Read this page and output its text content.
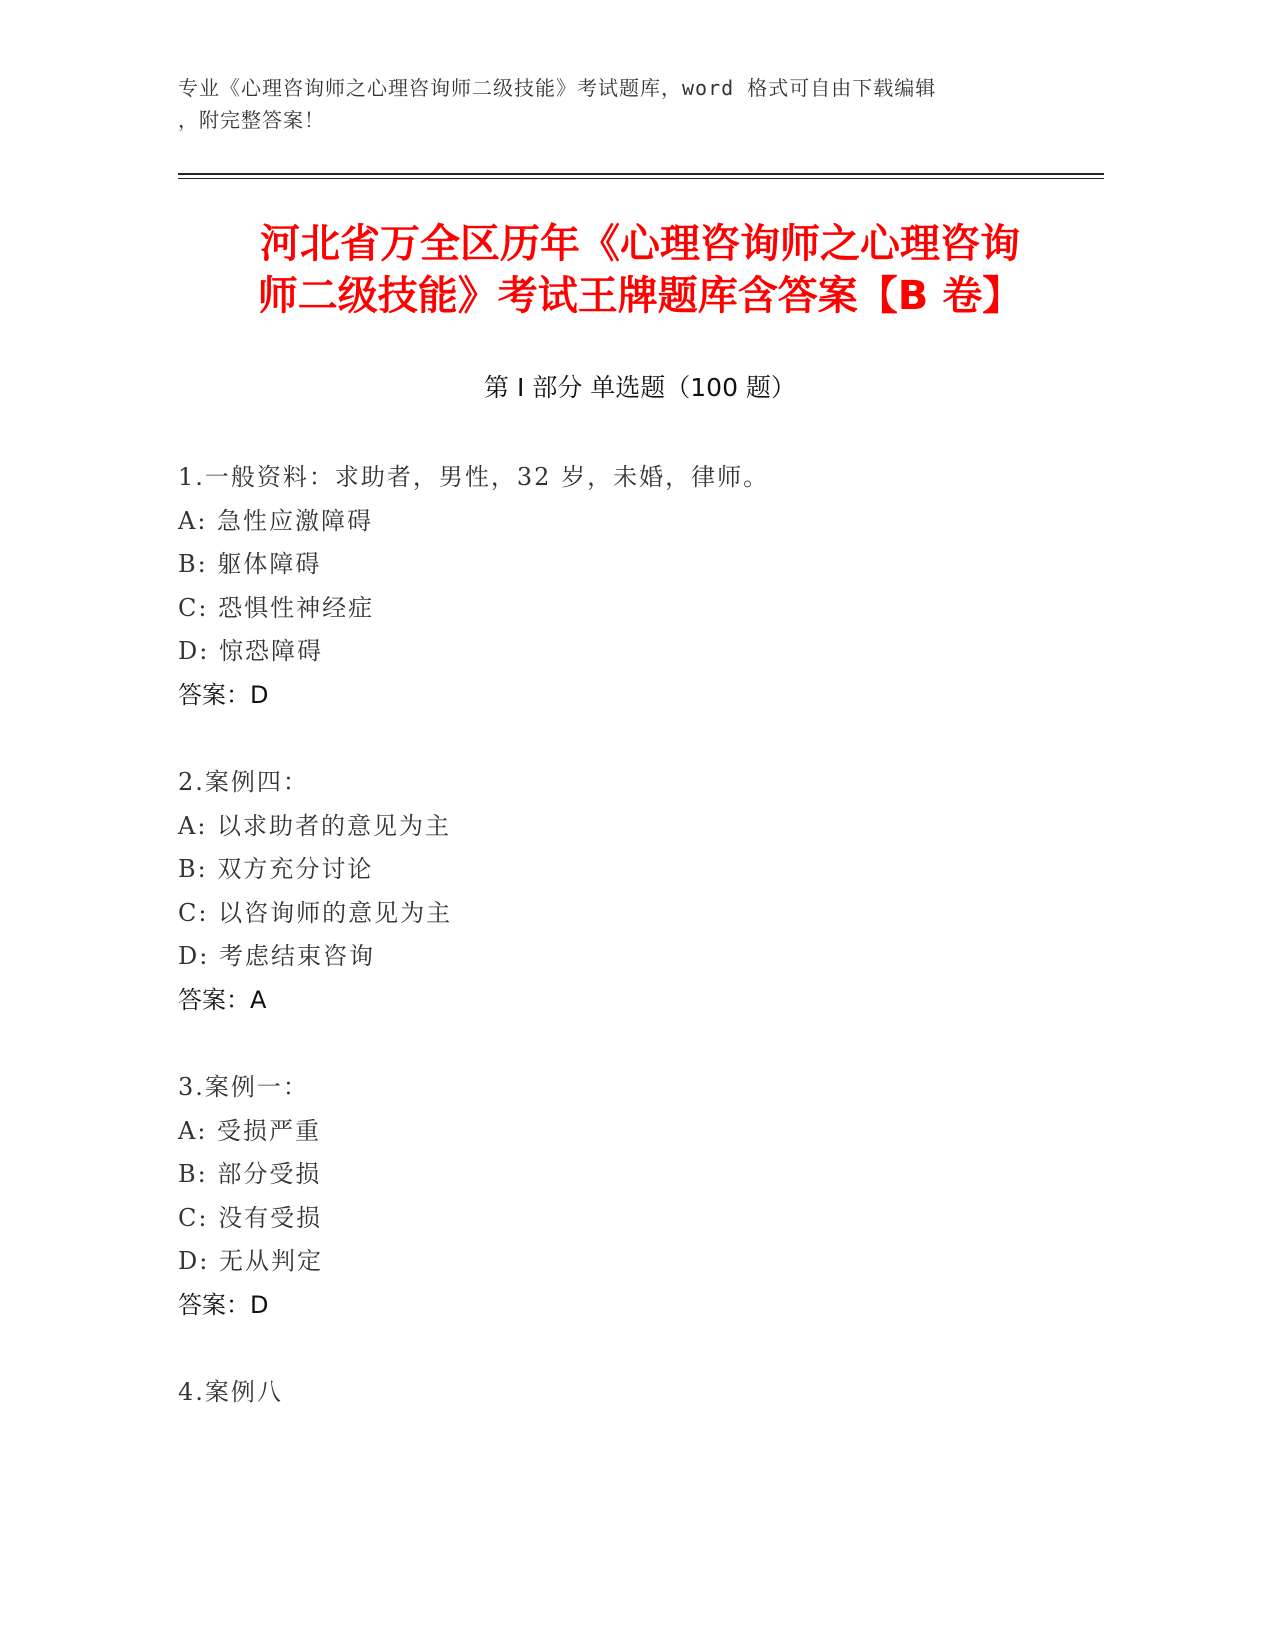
专业《心理咨询师之心理咨询师二级技能》考试题库，word 格式可自由下载编辑
，附完整答案！
河北省万全区历年《心理咨询师之心理咨询
师二级技能》考试王牌题库含答案【B 卷】
第 I 部分 单选题（100 题）
1.一般资料：求助者，男性，32 岁，未婚，律师。
A: 急性应激障碍
B: 躯体障碍
C: 恐惧性神经症
D: 惊恐障碍
答案：D
2.案例四：
A: 以求助者的意见为主
B: 双方充分讨论
C: 以咨询师的意见为主
D: 考虑结束咨询
答案：A
3.案例一：
A: 受损严重
B: 部分受损
C: 没有受损
D: 无从判定
答案：D
4.案例八
